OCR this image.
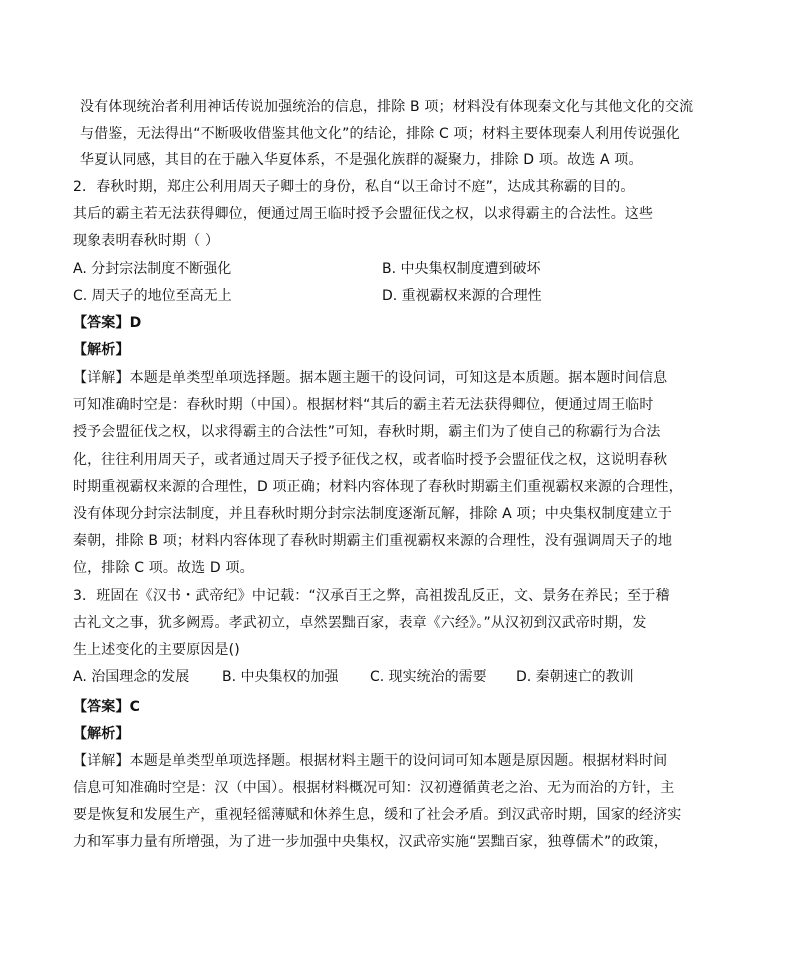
没有体现统治者利用神话传说加强统治的信息，排除 B 项；材料没有体现秦文化与其他文化的交流
与借鉴，无法得出“不断吸收借鉴其他文化”的结论，排除 C 项；材料主要体现秦人利用传说强化
华夏认同感，其目的在于融入华夏体系，不是强化族群的凝聚力，排除 D 项。故选 A 项。
2．春秋时期，郑庄公利用周天子卿士的身份，私自“以王命讨不庭”，达成其称霸的目的。
其后的霸主若无法获得卿位，便通过周王临时授予会盟征伐之权，以求得霸主的合法性。这些
现象表明春秋时期（ ）
A. 分封宗法制度不断强化	B. 中央集权制度遭到破坏
C. 周天子的地位至高无上	D. 重视霸权来源的合理性
【答案】D
【解析】
【详解】本题是单类型单项选择题。据本题主题干的设问词，可知这是本质题。据本题时间信息
可知准确时空是：春秋时期（中国）。根据材料“其后的霸主若无法获得卿位，便通过周王临时
授予会盟征伐之权，以求得霸主的合法性”可知，春秋时期，霸主们为了使自己的称霸行为合法
化，往往利用周天子，或者通过周天子授予征伐之权，或者临时授予会盟征伐之权，这说明春秋
时期重视霸权来源的合理性，D 项正确；材料内容体现了春秋时期霸主们重视霸权来源的合理性，
没有体现分封宗法制度，并且春秋时期分封宗法制度逐渐瓦解，排除 A 项；中央集权制度建立于
秦朝，排除 B 项；材料内容体现了春秋时期霸主们重视霸权来源的合理性，没有强调周天子的地
位，排除 C 项。故选 D 项。
3．班固在《汉书・武帝纪》中记载：“汉承百王之弊，高祖拨乱反正，文、景务在养民；至于稽
古礼文之事，犹多阙焉。孝武初立，卓然罢黜百家，表章《六经》。”从汉初到汉武帝时期，发
生上述变化的主要原因是()
A. 治国理念的发展 B. 中央集权的加强 C. 现实统治的需要 D. 秦朝速亡的教训
【答案】C
【解析】
【详解】本题是单类型单项选择题。根据材料主题干的设问词可知本题是原因题。根据材料时间
信息可知准确时空是：汉（中国）。根据材料概况可知：汉初遵循黄老之治、无为而治的方针，主
要是恢复和发展生产，重视轻徭薄赋和休养生息，缓和了社会矛盾。到汉武帝时期，国家的经济实
力和军事力量有所增强，为了进一步加强中央集权，汉武帝实施“罢黜百家，独尊儒术”的政策，
